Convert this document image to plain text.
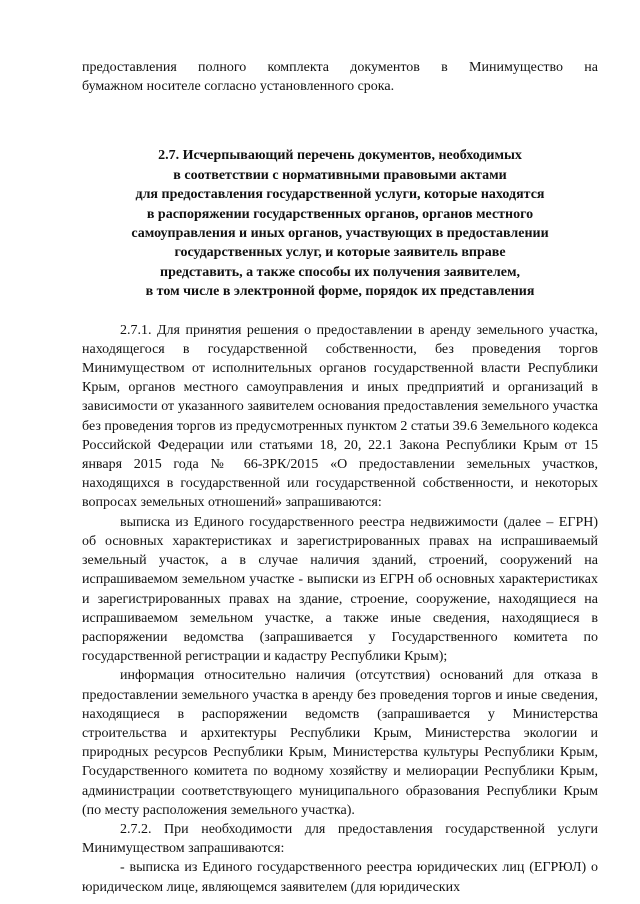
предоставления полного комплекта документов в Минимущество на

бумажном носителе согласно установленного срока.

2.7. Исчерпывающий перечень документов, необходимых
в соответствии с нормативными правовыми актами
для предоставления государственной услуги, которые находятся
в распоряжении государственных органов, органов местного
самоуправления и иных органов, участвующих в предоставлении
государственных услуг, и которые заявитель вправе
представить, а также способы их получения заявителем,
в том числе в электронной форме, порядок их представления

2.7.1. Для принятия решения о предоставлении в аренду земельного участка, находящегося в государственной собственности, без проведения торгов Минимуществом от исполнительных органов государственной власти Республики Крым, органов местного самоуправления и иных предприятий и организаций в зависимости от указанного заявителем основания предоставления земельного участка без проведения торгов из предусмотренных пунктом 2 статьи 39.6 Земельного кодекса Российской Федерации или статьями 18, 20, 22.1 Закона Республики Крым от 15 января 2015 года № 66-ЗРК/2015 «О предоставлении земельных участков, находящихся в государственной или государственной собственности, и некоторых вопросах земельных отношений» запрашиваются:

выписка из Единого государственного реестра недвижимости (далее – ЕГРН) об основных характеристиках и зарегистрированных правах на испрашиваемый земельный участок, а в случае наличия зданий, строений, сооружений на испрашиваемом земельном участке - выписки из ЕГРН об основных характеристиках и зарегистрированных правах на здание, строение, сооружение, находящиеся на испрашиваемом земельном участке, а также иные сведения, находящиеся в распоряжении ведомства (запрашивается у Государственного комитета по государственной регистрации и кадастру Республики Крым);

информация относительно наличия (отсутствия) оснований для отказа в предоставлении земельного участка в аренду без проведения торгов и иные сведения, находящиеся в распоряжении ведомств (запрашивается у Министерства строительства и архитектуры Республики Крым, Министерства экологии и природных ресурсов Республики Крым, Министерства культуры Республики Крым, Государственного комитета по водному хозяйству и мелиорации Республики Крым, администрации соответствующего муниципального образования Республики Крым (по месту расположения земельного участка).

2.7.2. При необходимости для предоставления государственной услуги Минимуществом запрашиваются:

- выписка из Единого государственного реестра юридических лиц (ЕГРЮЛ) о юридическом лице, являющемся заявителем (для юридических
